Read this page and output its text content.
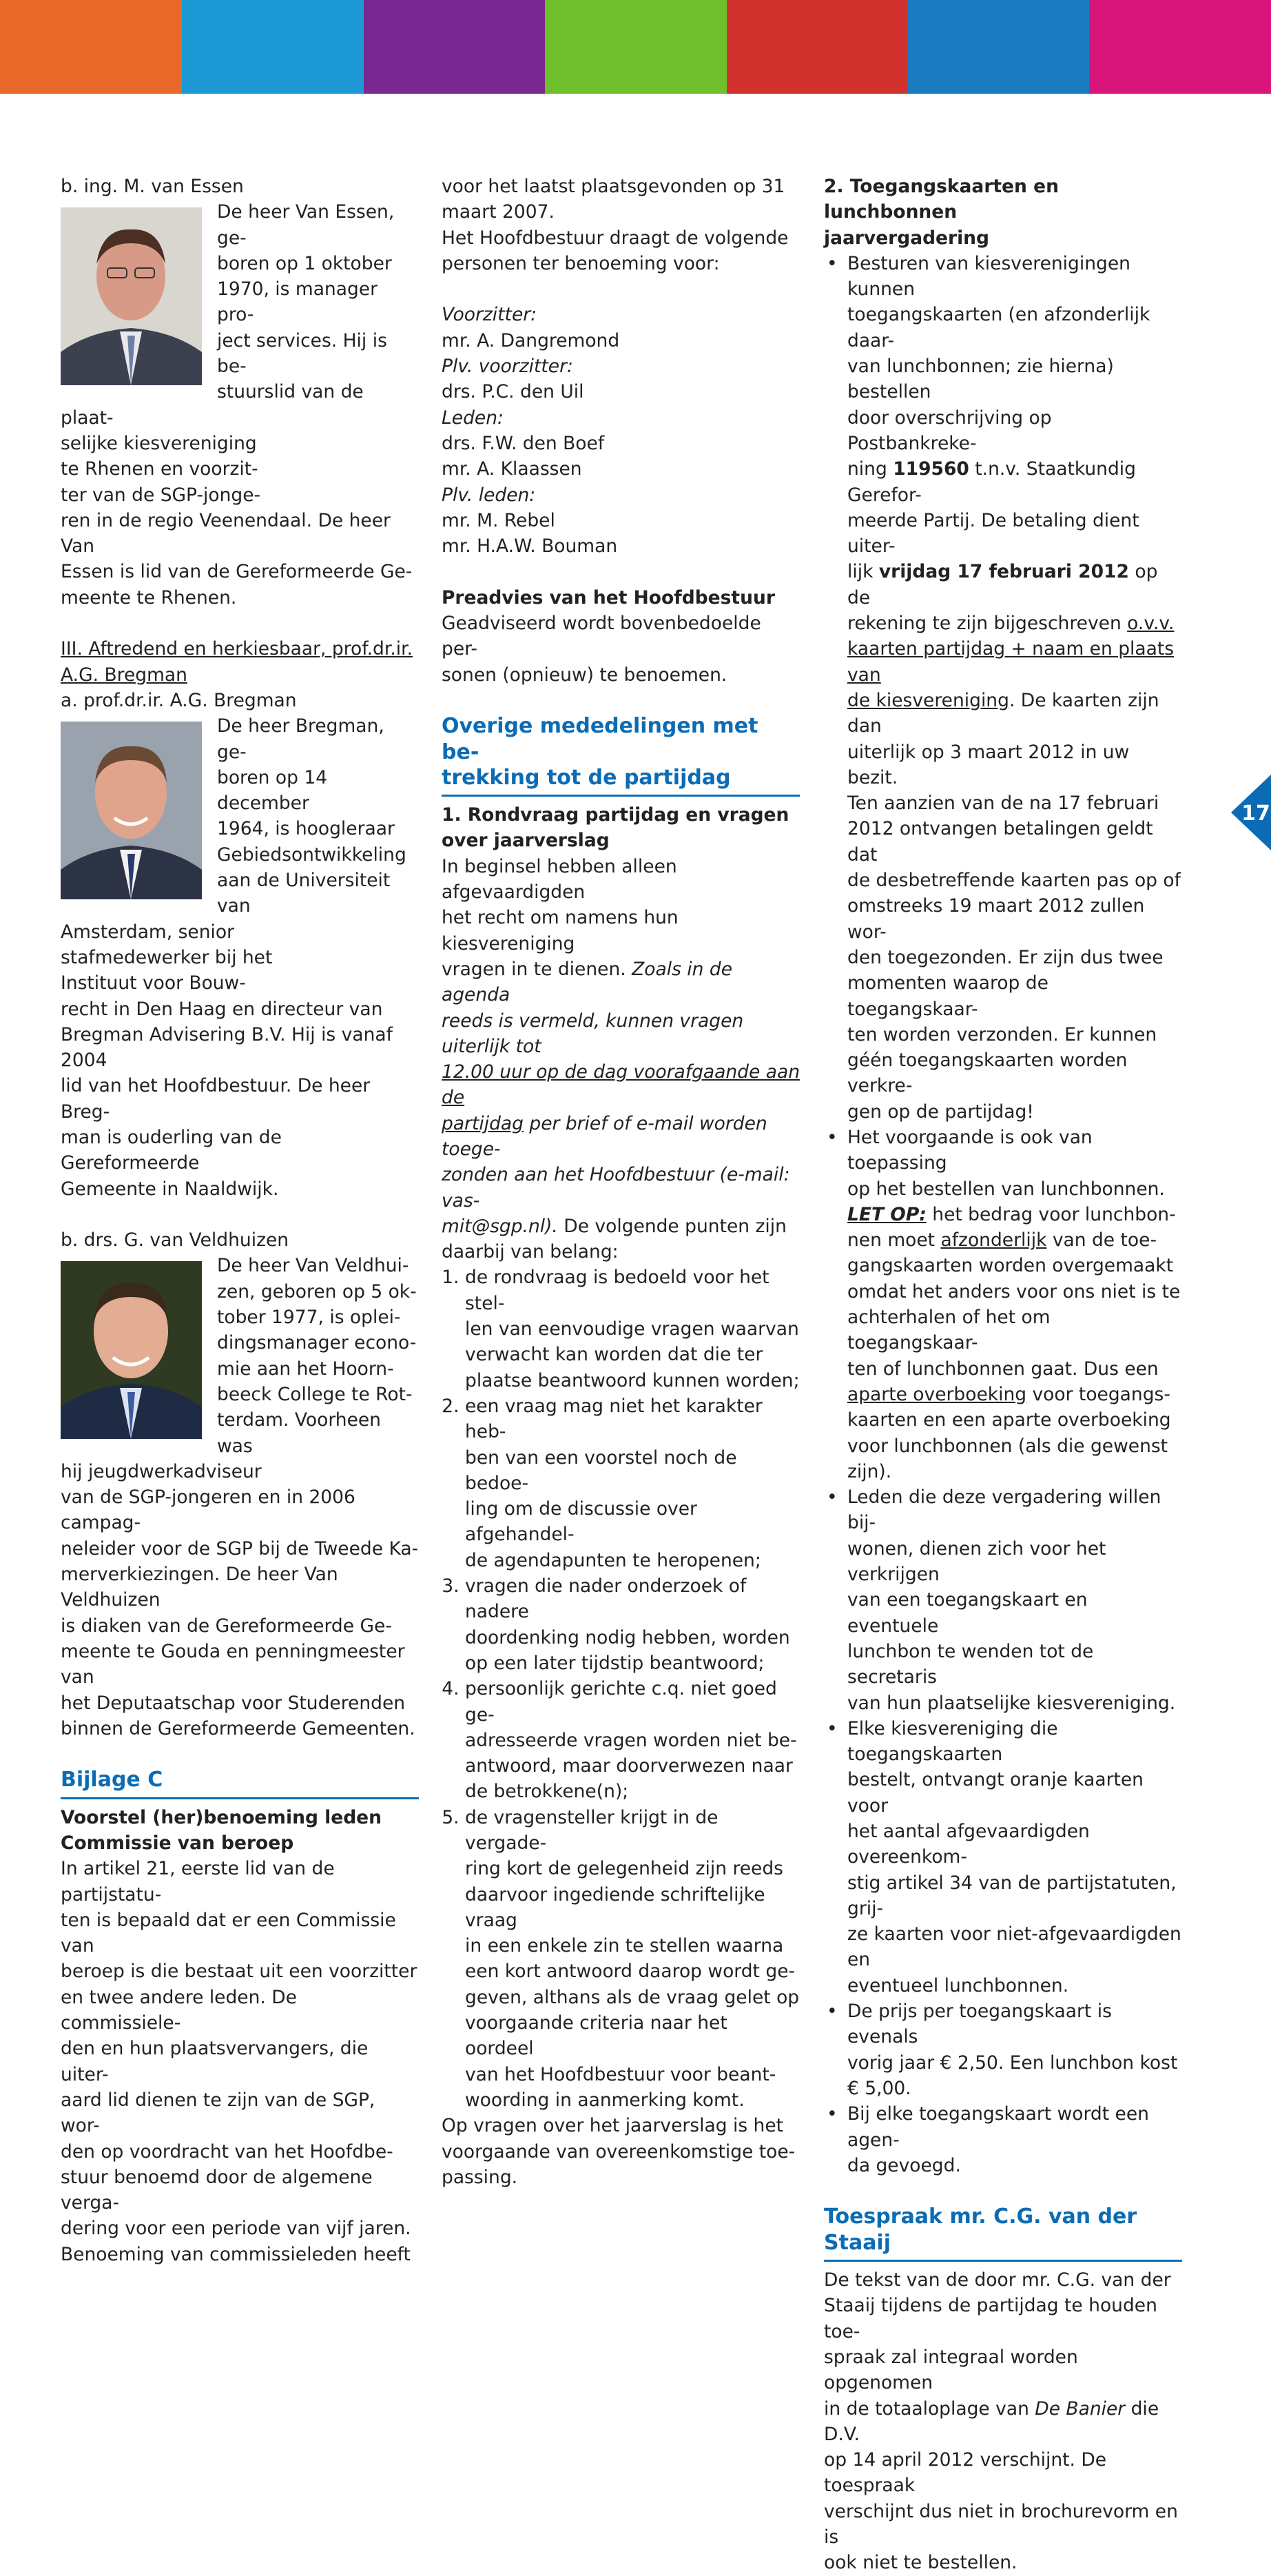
b. ing. M. van Essen

De heer Van Essen, ge-

boren op 1 oktober

1970, is manager pro-

ject services. Hij is be-

stuurslid van de plaat-

selijke kiesvereniging

te Rhenen en voorzit-

ter van de SGP-jonge-

ren in de regio Veenendaal. De heer Van

Essen is lid van de Gereformeerde Ge-

meente te Rhenen.

III. Aftredend en herkiesbaar, prof.dr.ir.

A.G. Bregman

a. prof.dr.ir. A.G. Bregman

De heer Bregman, ge-

boren op 14 december

1964, is hoogleraar

Gebiedsontwikkeling

aan de Universiteit van

Amsterdam, senior

stafmedewerker bij het

Instituut voor Bouw-

recht in Den Haag en directeur van

Bregman Advisering B.V. Hij is vanaf 2004

lid van het Hoofdbestuur. De heer Breg-

man is ouderling van de Gereformeerde

Gemeente in Naaldwijk.

b. drs. G. van Veldhuizen

De heer Van Veldhui-

zen, geboren op 5 ok-

tober 1977, is oplei-

dingsmanager econo-

mie aan het Hoorn-

beeck College te Rot-

terdam. Voorheen was

hij jeugdwerkadviseur

van de SGP-jongeren en in 2006 campag-

neleider voor de SGP bij de Tweede Ka-

merverkiezingen. De heer Van Veldhuizen

is diaken van de Gereformeerde Ge-

meente te Gouda en penningmeester van

het Deputaatschap voor Studerenden

binnen de Gereformeerde Gemeenten.

Bijlage C

Voorstel (her)benoeming leden

Commissie van beroep

In artikel 21, eerste lid van de partijstatu-

ten is bepaald dat er een Commissie van

beroep is die bestaat uit een voorzitter

en twee andere leden. De commissiele-

den en hun plaatsvervangers, die uiter-

aard lid dienen te zijn van de SGP, wor-

den op voordracht van het Hoofdbe-

stuur benoemd door de algemene verga-

dering voor een periode van vijf jaren.

Benoeming van commissieleden heeft

voor het laatst plaatsgevonden op 31

maart 2007.

Het Hoofdbestuur draagt de volgende

personen ter benoeming voor:

Voorzitter:

mr. A. Dangremond

Plv. voorzitter:

drs. P.C. den Uil

Leden:

drs. F.W. den Boef

mr. A. Klaassen

Plv. leden:

mr. M. Rebel

mr. H.A.W. Bouman

Preadvies van het Hoofdbestuur

Geadviseerd wordt bovenbedoelde per-

sonen (opnieuw) te benoemen.

Overige mededelingen met be-

trekking tot de partijdag

1. Rondvraag partijdag en vragen

over jaarverslag

In beginsel hebben alleen afgevaardigden

het recht om namens hun kiesvereniging

vragen in te dienen. Zoals in de agenda

reeds is vermeld, kunnen vragen uiterlijk tot

12.00 uur op de dag voorafgaande aan de

partijdag per brief of e-mail worden toege-

zonden aan het Hoofdbestuur (e-mail: vas-

mit@sgp.nl). De volgende punten zijn

daarbij van belang:

1. de rondvraag is bedoeld voor het stel-

len van eenvoudige vragen waarvan

verwacht kan worden dat die ter

plaatse beantwoord kunnen worden;

2. een vraag mag niet het karakter heb-

ben van een voorstel noch de bedoe-

ling om de discussie over afgehandel-

de agendapunten te heropenen;

3. vragen die nader onderzoek of nadere

doordenking nodig hebben, worden

op een later tijdstip beantwoord;

4. persoonlijk gerichte c.q. niet goed ge-

adresseerde vragen worden niet be-

antwoord, maar doorverwezen naar

de betrokkene(n);

5. de vragensteller krijgt in de vergade-

ring kort de gelegenheid zijn reeds

daarvoor ingediende schriftelijke vraag

in een enkele zin te stellen waarna

een kort antwoord daarop wordt ge-

geven, althans als de vraag gelet op

voorgaande criteria naar het oordeel

van het Hoofdbestuur voor beant-

woording in aanmerking komt.

Op vragen over het jaarverslag is het

voorgaande van overeenkomstige toe-

passing.

2. Toegangskaarten en lunchbonnen

jaarvergadering

• Besturen van kiesverenigingen kunnen

toegangskaarten (en afzonderlijk daar-

van lunchbonnen; zie hierna) bestellen

door overschrijving op Postbankreke-

ning 119560 t.n.v. Staatkundig Gerefor-

meerde Partij. De betaling dient uiter-

lijk vrijdag 17 februari 2012 op de

rekening te zijn bijgeschreven o.v.v.

kaarten partijdag + naam en plaats van

de kiesvereniging. De kaarten zijn dan

uiterlijk op 3 maart 2012 in uw bezit.

Ten aanzien van de na 17 februari

2012 ontvangen betalingen geldt dat

de desbetreffende kaarten pas op of

omstreeks 19 maart 2012 zullen wor-

den toegezonden. Er zijn dus twee

momenten waarop de toegangskaar-

ten worden verzonden. Er kunnen

géén toegangskaarten worden verkre-

gen op de partijdag!

• Het voorgaande is ook van toepassing

op het bestellen van lunchbonnen.

LET OP: het bedrag voor lunchbon-

nen moet afzonderlijk van de toe-

gangskaarten worden overgemaakt

omdat het anders voor ons niet is te

achterhalen of het om toegangskaar-

ten of lunchbonnen gaat. Dus een

aparte overboeking voor toegangs-

kaarten en een aparte overboeking

voor lunchbonnen (als die gewenst

zijn).

• Leden die deze vergadering willen bij-

wonen, dienen zich voor het verkrijgen

van een toegangskaart en eventuele

lunchbon te wenden tot de secretaris

van hun plaatselijke kiesvereniging.

• Elke kiesvereniging die toegangskaarten

bestelt, ontvangt oranje kaarten voor

het aantal afgevaardigden overeenkom-

stig artikel 34 van de partijstatuten, grij-

ze kaarten voor niet-afgevaardigden en

eventueel lunchbonnen.

• De prijs per toegangskaart is evenals

vorig jaar € 2,50. Een lunchbon kost

€ 5,00.

• Bij elke toegangskaart wordt een agen-

da gevoegd.

Toespraak mr. C.G. van der

Staaij

De tekst van de door mr. C.G. van der

Staaij tijdens de partijdag te houden toe-

spraak zal integraal worden opgenomen

in de totaaloplage van De Banier die D.V.

op 14 april 2012 verschijnt. De toespraak

verschijnt dus niet in brochurevorm en is

ook niet te bestellen.

17
